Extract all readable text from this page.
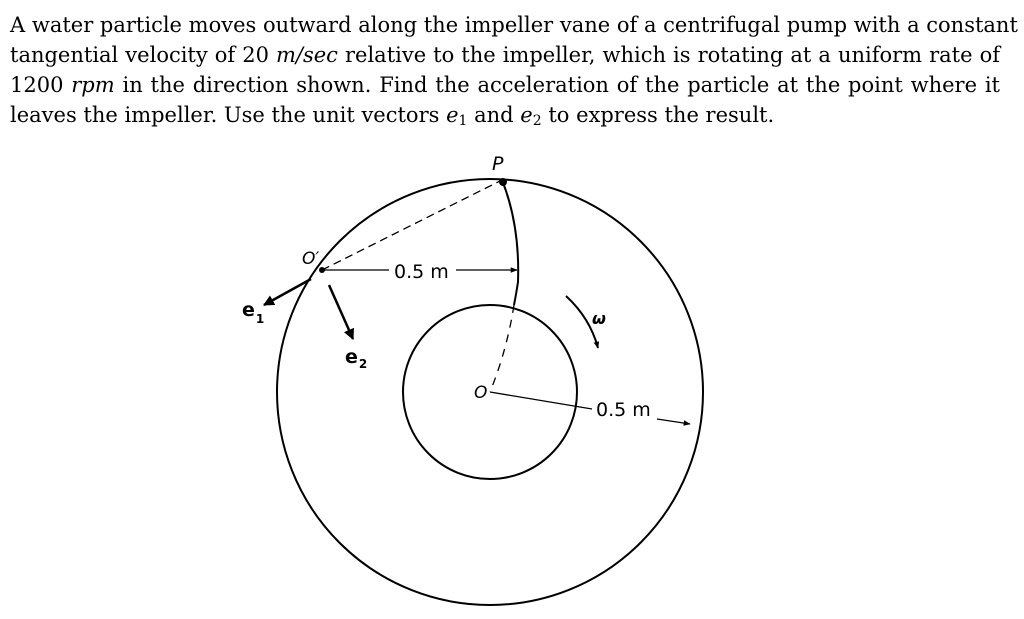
A water particle moves outward along the impeller vane of a centrifugal pump with a constant
tangential velocity of 20 m/sec relative to the impeller, which is rotating at a uniform rate of
1200 rpm in the direction shown. Find the acceleration of the particle at the point where it
leaves the impeller. Use the unit vectors $e_1$ and $e_2$ to express the result.
P
O′
0.5 m
$e_1$
$e_2$
ω
O
0.5 m
